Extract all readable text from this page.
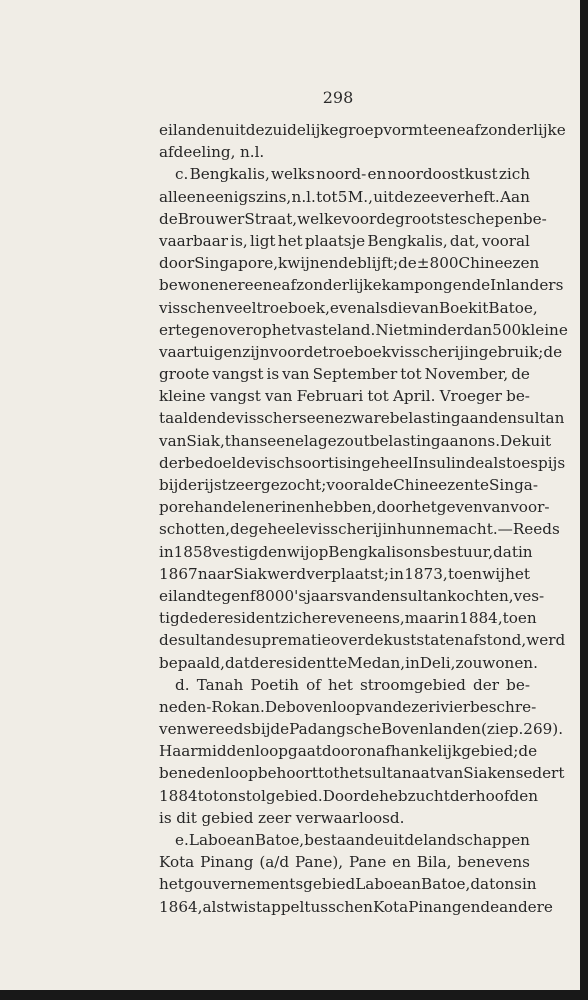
298
eilanden uit de zuidelijke groep vormt eene afzonderlijke
afdeeling, n.l.
c. Bengkalis, welks noord- en noordoostkust zich
alleen eenigszins, n.l. tot 5 M., uit de zee verheft. Aan
de Brouwer Straat, welke voor de grootste schepen be-
vaarbaar is, ligt het plaatsje Bengkalis, dat, vooral
door Singapore, kwijnende blijft; de ± 800 Chineezen
bewonen er eene afzonderlijke kampong en de Inlanders
visschen veel troeboek, evenals die van Boekit Batoe,
er tegenover op het vasteland. Niet minder dan 500 kleine
vaartuigen zijn voor de troeboekvisscherij in gebruik; de
groote vangst is van September tot November, de
kleine vangst van Februari tot April. Vroeger be-
taalden de visschers eene zware belasting aan den sultan
van Siak, thans eene lage zoutbelasting aan ons. De kuit
der bedoelde vischsoort is in geheel Insulinde als toespijs
bij de rijst zeer gezocht; vooral de Chineezen te Singa-
pore handelen er in en hebben, door het geven van voor-
schotten, de geheele visscherij in hunne macht. — Reeds
in 1858 vestigden wij op Bengkalis ons bestuur, dat in
1867 naar Siak werd verplaatst; in 1873, toen wij het
eiland tegen f 8000 's jaars van den sultan kochten, ves-
tigde de resident zich er eveneens, maar in 1884, toen
de sultan de suprematie over de kuststaten afstond, werd
bepaald, dat de resident te Medan, in Deli, zou wonen.
d. Tanah Poetih of het stroomgebied der be-
neden-Rokan. De bovenloop van deze rivier beschre-
ven we reeds bij de Padangsche Bovenlanden (zie p. 269).
Haar middenloop gaat door onafhankelijk gebied; de
benedenloop behoort tot het sultanaat van Siak en sedert
1884 tot ons tolgebied. Door de hebzucht der hoofden
is dit gebied zeer verwaarloosd.
e. Laboean Batoe, bestaande uit de landschappen
Kota Pinang (a/d Pane), Pane en Bila, benevens
het gouvernementsgebied Laboean Batoe, dat ons in
1864, als twistappel tusschen Kota Pinang en de andere
